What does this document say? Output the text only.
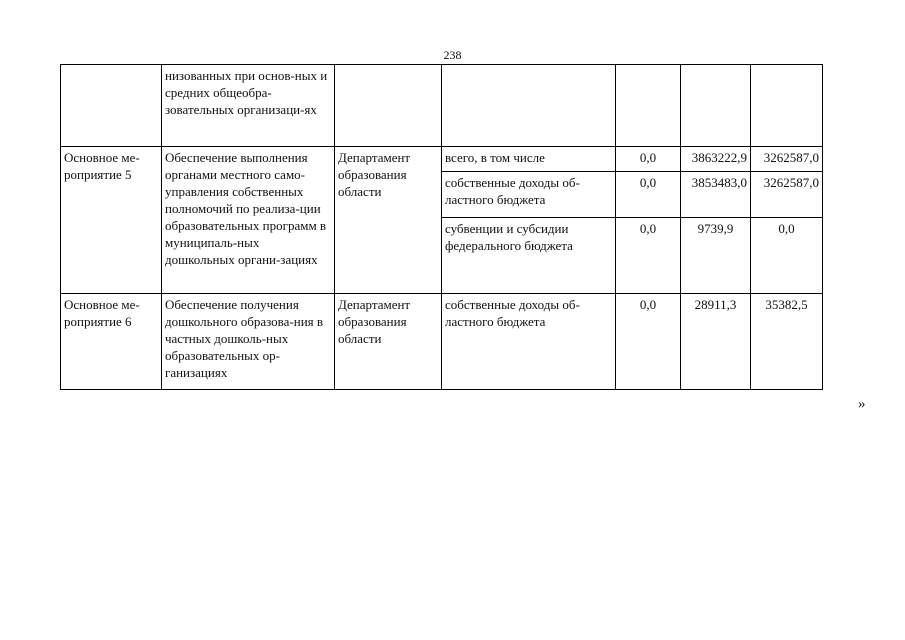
238
	низованных при основ-ных и средних общеобра-зовательных организаци-ях					
Основное ме-роприятие 5	Обеспечение выполнения органами местного само-управления собственных полномочий по реализа-ции образовательных программ в муниципаль-ных дошкольных органи-зациях	Департамент образования области	всего, в том числе	0,0	3863222,9	3262587,0
			собственные доходы об-ластного бюджета	0,0	3853483,0	3262587,0
			субвенции и субсидии федерального бюджета	0,0	9739,9	0,0
Основное ме-роприятие 6	Обеспечение получения дошкольного образова-ния в частных дошколь-ных образовательных ор-ганизациях	Департамент образования области	собственные доходы об-ластного бюджета	0,0	28911,3	35382,5
»
